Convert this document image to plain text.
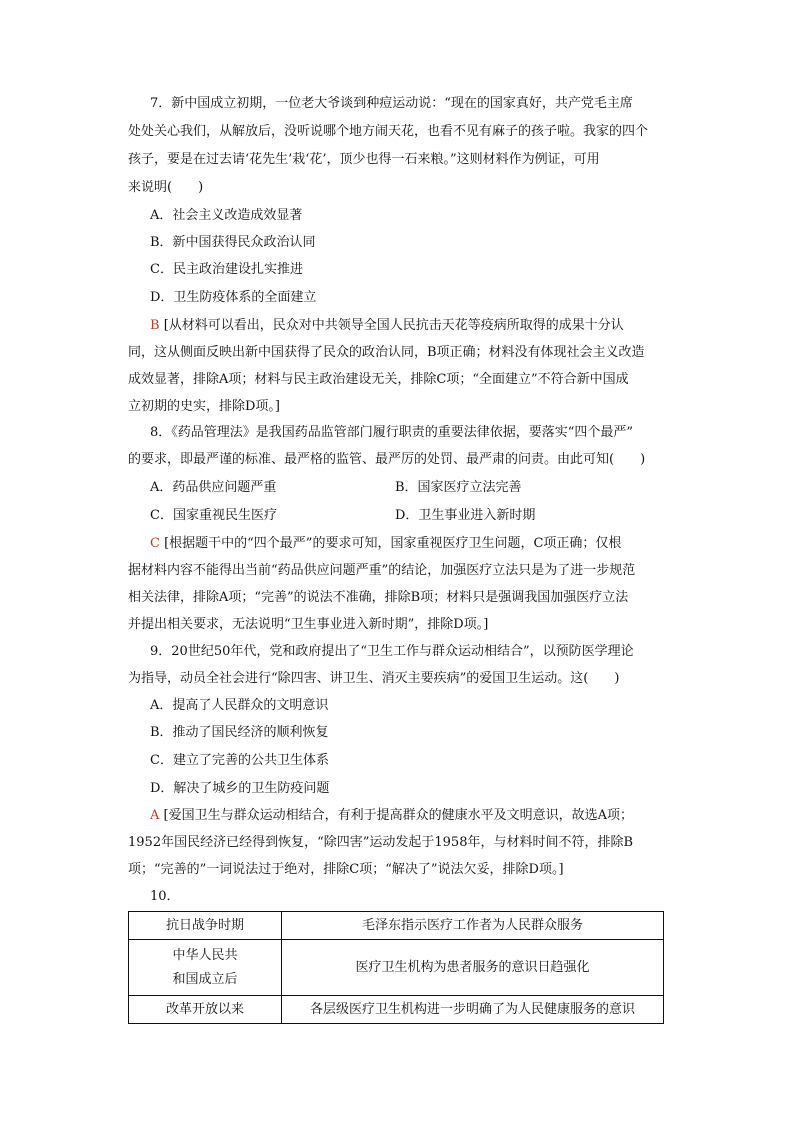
7．新中国成立初期，一位老大爷谈到种痘运动说：“现在的国家真好，共产党毛主席
处处关心我们，从解放后，没听说哪个地方闹天花，也看不见有麻子的孩子啦。我家的四个
孩子，要是在过去请‘花先生’栽‘花’，顶少也得一石来粮。”这则材料作为例证，可用
来说明(　　)
A．社会主义改造成效显著
B．新中国获得民众政治认同
C．民主政治建设扎实推进
D．卫生防疫体系的全面建立
B [从材料可以看出，民众对中共领导全国人民抗击天花等疫病所取得的成果十分认
同，这从侧面反映出新中国获得了民众的政治认同，B项正确；材料没有体现社会主义改造
成效显著，排除A项；材料与民主政治建设无关，排除C项；“全面建立”不符合新中国成
立初期的史实，排除D项。]
8．《药品管理法》是我国药品监管部门履行职责的重要法律依据，要落实“四个最严”
的要求，即最严谨的标准、最严格的监管、最严厉的处罚、最严肃的问责。由此可知(　　)
A．药品供应问题严重	B．国家医疗立法完善
C．国家重视民生医疗	D．卫生事业进入新时期
C [根据题干中的“四个最严”的要求可知，国家重视医疗卫生问题，C项正确；仅根
据材料内容不能得出当前“药品供应问题严重”的结论，加强医疗立法只是为了进一步规范
相关法律，排除A项；“完善”的说法不准确，排除B项；材料只是强调我国加强医疗立法
并提出相关要求，无法说明“卫生事业进入新时期”，排除D项。]
9．20世纪50年代，党和政府提出了“卫生工作与群众运动相结合”，以预防医学理论
为指导，动员全社会进行“除四害、讲卫生、消灭主要疾病”的爱国卫生运动。这(　　)
A．提高了人民群众的文明意识
B．推动了国民经济的顺利恢复
C．建立了完善的公共卫生体系
D．解决了城乡的卫生防疫问题
A [爱国卫生与群众运动相结合，有利于提高群众的健康水平及文明意识，故选A项；
1952年国民经济已经得到恢复，“除四害”运动发起于1958年，与材料时间不符，排除B
项；“完善的”一词说法过于绝对，排除C项；“解决了”说法欠妥，排除D项。]
10．
抗日战争时期	毛泽东指示医疗工作者为人民群众服务

中华人民共
和国成立后	医疗卫生机构为患者服务的意识日趋强化
改革开放以来	各层级医疗卫生机构进一步明确了为人民健康服务的意识
